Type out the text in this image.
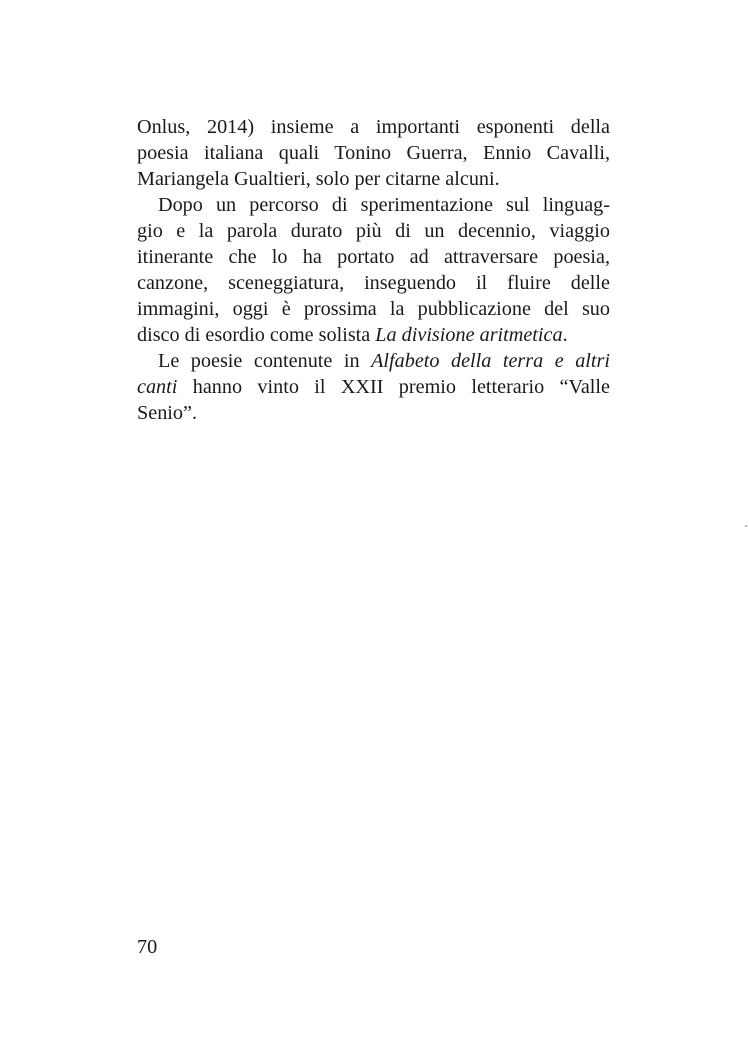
Onlus, 2014) insieme a importanti esponenti della
poesia italiana quali Tonino Guerra, Ennio Cavalli,
Mariangela Gualtieri, solo per citarne alcuni.
Dopo un percorso di sperimentazione sul linguag-
gio e la parola durato più di un decennio, viaggio
itinerante che lo ha portato ad attraversare poesia,
canzone, sceneggiatura, inseguendo il fluire delle
immagini, oggi è prossima la pubblicazione del suo
disco di esordio come solista La divisione aritmetica.
Le poesie contenute in Alfabeto della terra e altri
canti hanno vinto il XXII premio letterario “Valle
Senio”.
70
